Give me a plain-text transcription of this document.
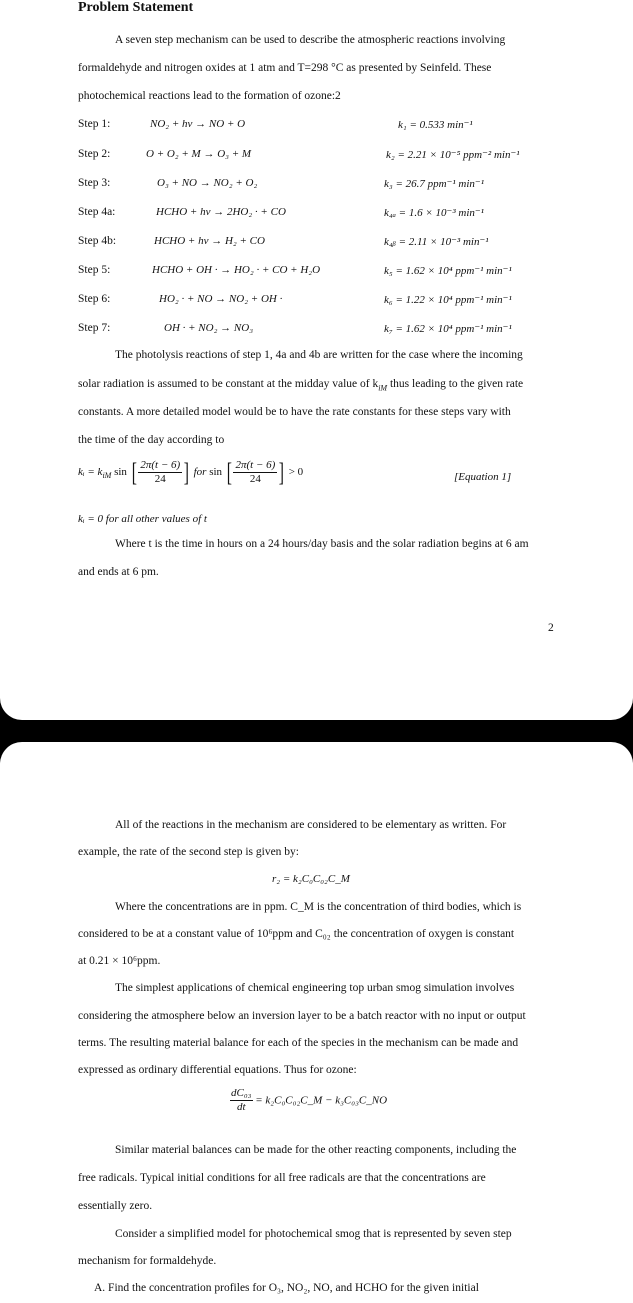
Problem Statement
A seven step mechanism can be used to describe the atmospheric reactions involving
formaldehyde and nitrogen oxides at 1 atm and T=298 °C as presented by Seinfeld. These
photochemical reactions lead to the formation of ozone:2
Step 1:	NO₂ + hν → NO + O	k₁ = 0.533 min⁻¹
Step 2:	O + O₂ + M → O₃ + M	k₂ = 2.21 × 10⁻⁵ ppm⁻² min⁻¹
Step 3:	O₃ + NO → NO₂ + O₂	k₃ = 26.7 ppm⁻¹ min⁻¹
Step 4a:	HCHO + hν → 2HO₂ · + CO	k₄ₐ = 1.6 × 10⁻³ min⁻¹
Step 4b:	HCHO + hν → H₂ + CO	k₄ᵦ = 2.11 × 10⁻³ min⁻¹
Step 5:	HCHO + OH · → HO₂ · + CO + H₂O	k₅ = 1.62 × 10⁴ ppm⁻¹ min⁻¹
Step 6:	HO₂ · + NO → NO₂ + OH ·	k₆ = 1.22 × 10⁴ ppm⁻¹ min⁻¹
Step 7:	OH · + NO₂ → NO₃	k₇ = 1.62 × 10⁴ ppm⁻¹ min⁻¹
The photolysis reactions of step 1, 4a and 4b are written for the case where the incoming
solar radiation is assumed to be constant at the midday value of $k_{iM}$ thus leading to the given rate
constants. A more detailed model would be to have the rate constants for these steps vary with
the time of the day according to
kᵢ = $k_{iM}$ sin [ $\frac{2\pi(t - 6)}{24}$ ] for sin [ $\frac{2\pi(t - 6)}{24}$ ] > 0	[Equation 1]
kᵢ = 0 for all other values of t
Where t is the time in hours on a 24 hours/day basis and the solar radiation begins at 6 am
and ends at 6 pm.
2
All of the reactions in the mechanism are considered to be elementary as written. For
example, the rate of the second step is given by:
r₂ = k₂C₀C₀₂C_M
Where the concentrations are in ppm. C_M is the concentration of third bodies, which is
considered to be at a constant value of 10⁶ppm and C₀₂ the concentration of oxygen is constant
at 0.21 × 10⁶ppm.
The simplest applications of chemical engineering top urban smog simulation involves
considering the atmosphere below an inversion layer to be a batch reactor with no input or output
terms. The resulting material balance for each of the species in the mechanism can be made and
expressed as ordinary differential equations. Thus for ozone:
$\frac{\text{dC₀₃}}{dt}$ = k₂C₀C₀₂C_M − k₃C₀₃C_NO
Similar material balances can be made for the other reacting components, including the
free radicals. Typical initial conditions for all free radicals are that the concentrations are
essentially zero.
Consider a simplified model for photochemical smog that is represented by seven step
mechanism for formaldehyde.
A. Find the concentration profiles for O₃, NO₂, NO, and HCHO for the given initial
